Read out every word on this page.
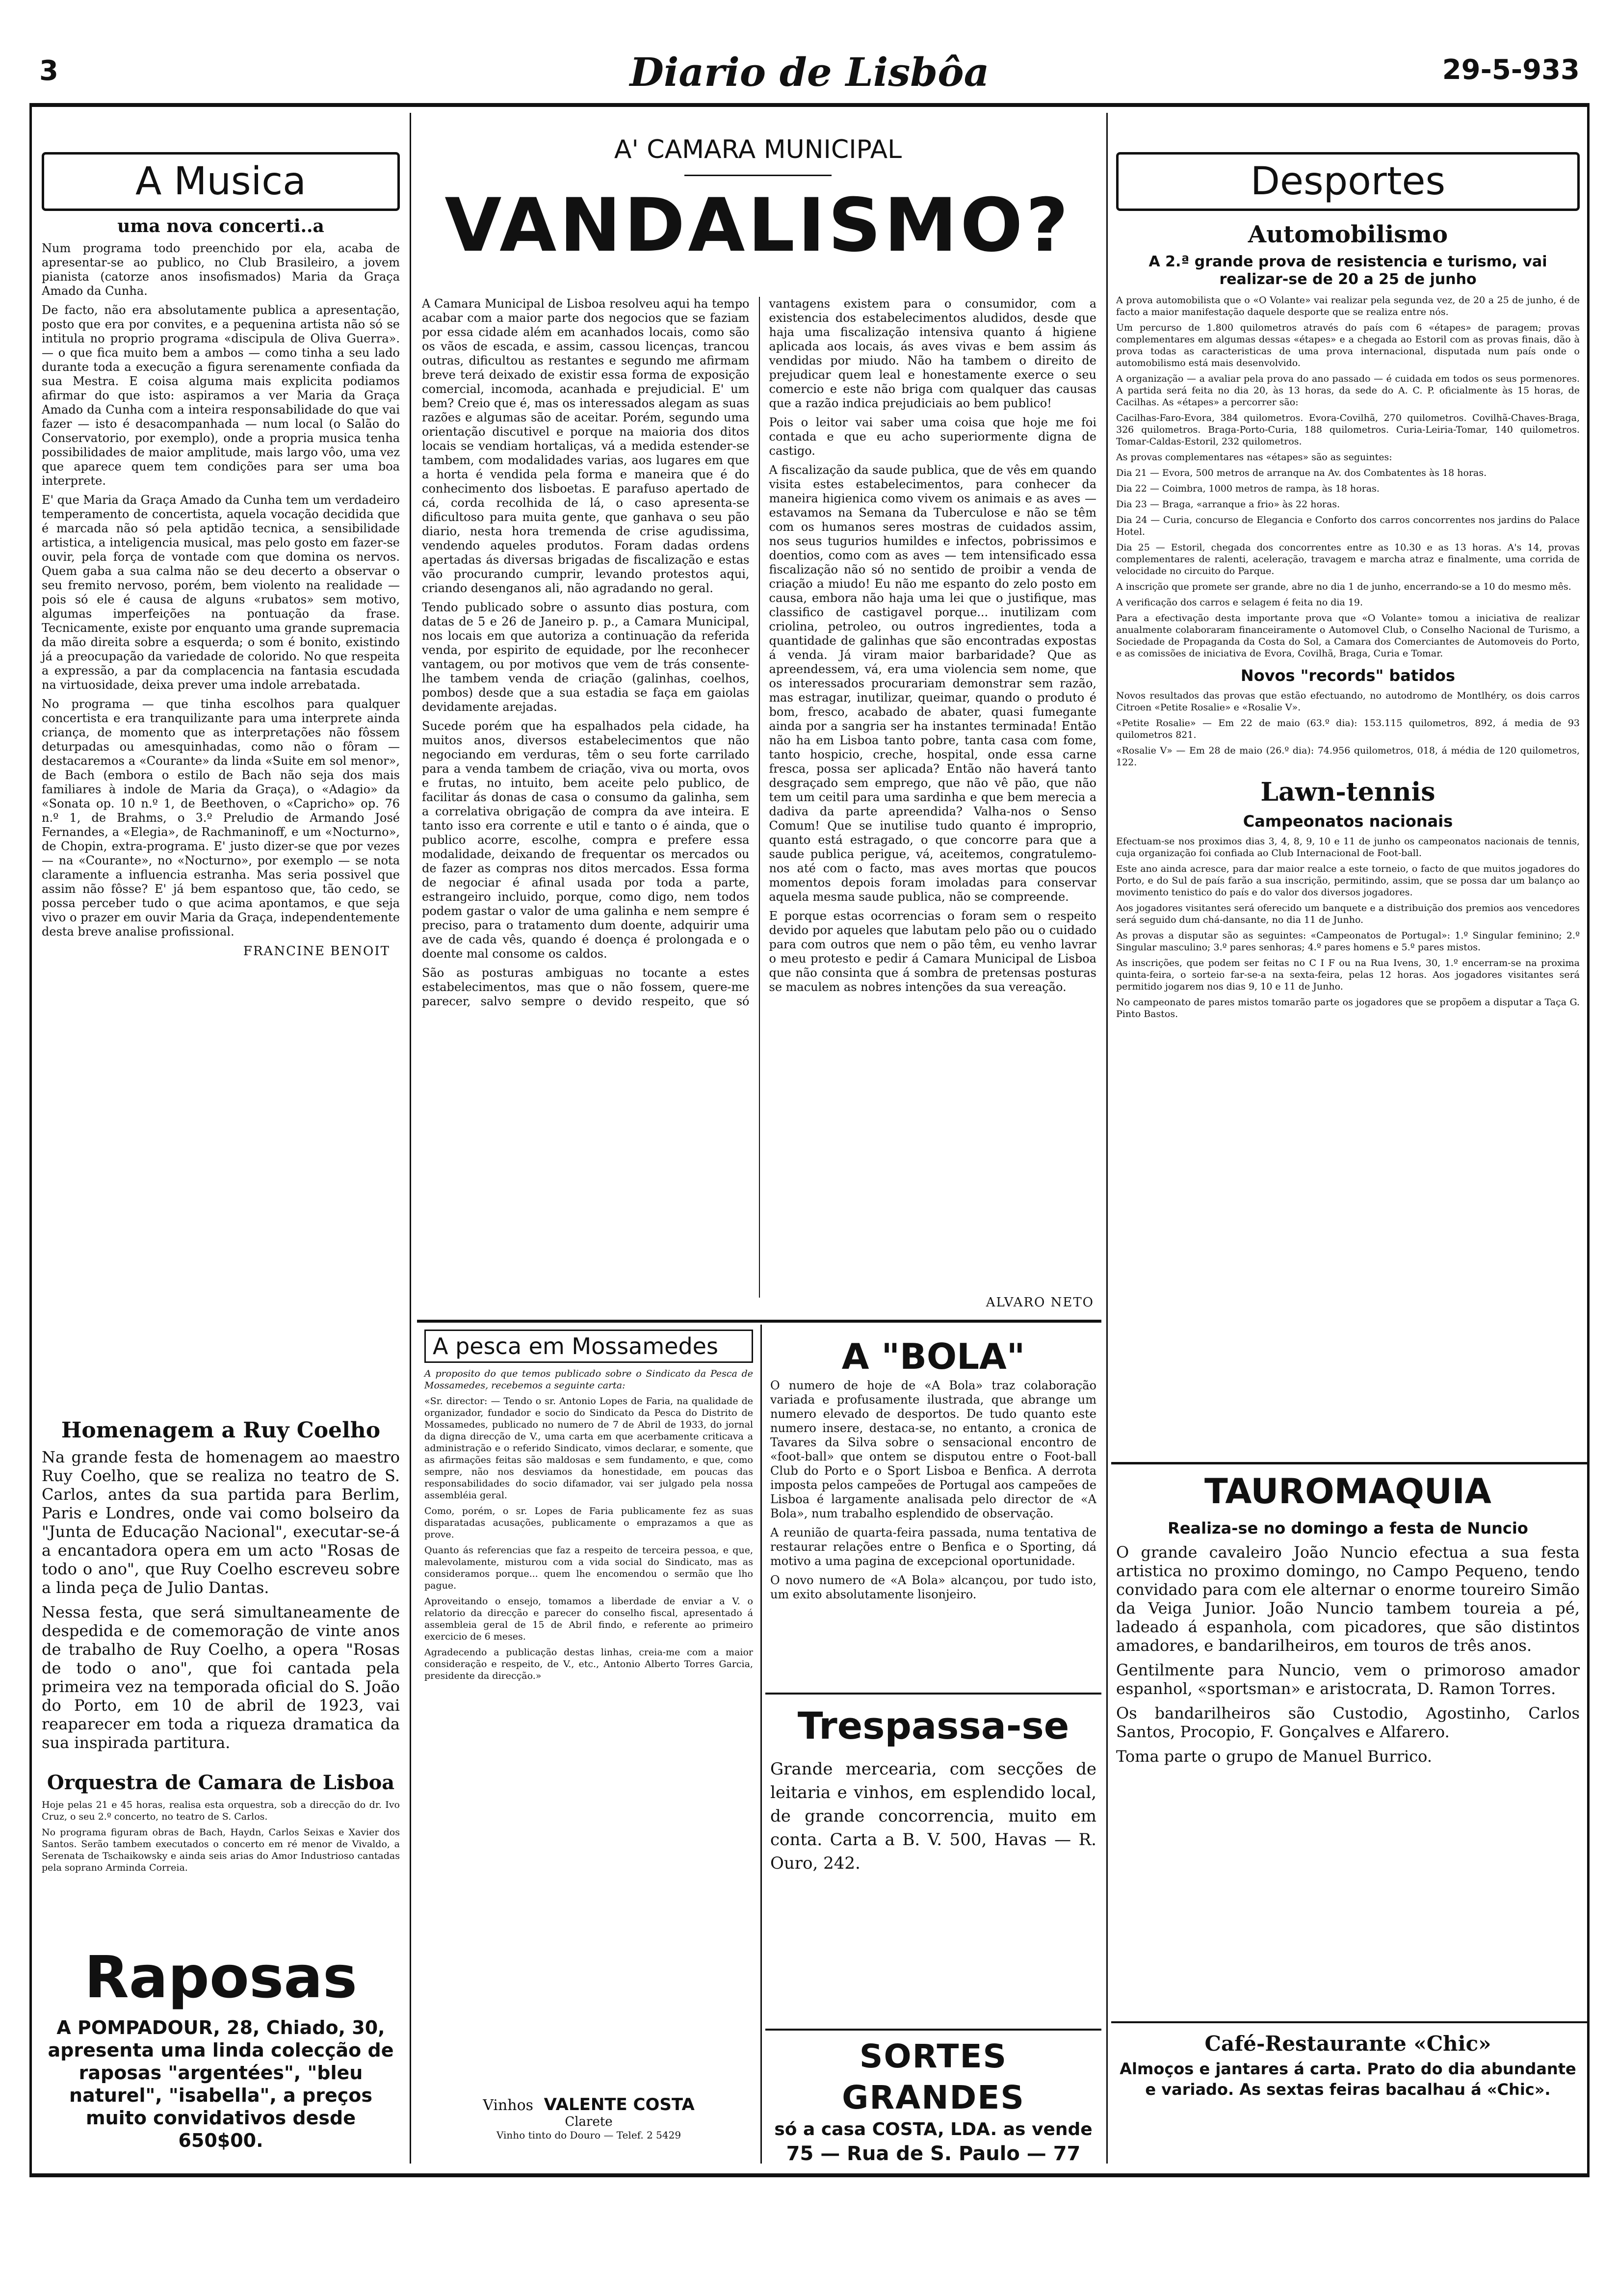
3	Diario de Lisbôa	29-5-933
A Musica
uma nova concerti..a

Num programa todo preenchido por ela, acaba de apresentar-se ao publico, no Club Brasileiro, a jovem pianista (catorze anos insofismados) Maria da Graça Amado da Cunha.

De facto, não era absolutamente publica a apresentação, posto que era por convites, e a pequenina artista não só se intitula no proprio programa «discipula de Oliva Guerra». — o que fica muito bem a ambos — como tinha a seu lado durante toda a execução a figura serenamente confiada da sua Mestra. E coisa alguma mais explicita podiamos afirmar do que isto: aspiramos a ver Maria da Graça Amado da Cunha com a inteira responsabilidade do que vai fazer — isto é desacompanhada — num local (o Salão do Conservatorio, por exemplo), onde a propria musica tenha possibilidades de maior amplitude, mais largo vôo, uma vez que aparece quem tem condições para ser uma boa interprete.

E' que Maria da Graça Amado da Cunha tem um verdadeiro temperamento de concertista, aquela vocação decidida que é marcada não só pela aptidão tecnica, a sensibilidade artistica, a inteligencia musical, mas pelo gosto em fazer-se ouvir, pela força de vontade com que domina os nervos. Quem gaba a sua calma não se deu decerto a observar o seu fremito nervoso, porém, bem violento na realidade — pois só ele é causa de alguns «rubatos» sem motivo, algumas imperfeições na pontuação da frase. Tecnicamente, existe por enquanto uma grande supremacia da mão direita sobre a esquerda; o som é bonito, existindo já a preocupação da variedade de colorido. No que respeita a expressão, a par da complacencia na fantasia escudada na virtuosidade, deixa prever uma indole arrebatada.

No programa — que tinha escolhos para qualquer concertista e era tranquilizante para uma interprete ainda criança, de momento que as interpretações não fôssem deturpadas ou amesquinhadas, como não o fôram — destacaremos a «Courante» da linda «Suite em sol menor», de Bach (embora o estilo de Bach não seja dos mais familiares à indole de Maria da Graça), o «Adagio» da «Sonata op. 10 n.º 1, de Beethoven, o «Capricho» op. 76 n.º 1, de Brahms, o 3.º Preludio de Armando José Fernandes, a «Elegia», de Rachmaninoff, e um «Nocturno», de Chopin, extra-programa. E' justo dizer-se que por vezes — na «Courante», no «Nocturno», por exemplo — se nota claramente a influencia estranha. Mas seria possivel que assim não fôsse? E' já bem espantoso que, tão cedo, se possa perceber tudo o que acima apontamos, e que seja vivo o prazer em ouvir Maria da Graça, independentemente desta breve analise profissional.

FRANCINE BENOIT
Homenagem a Ruy Coelho

Na grande festa de homenagem ao maestro Ruy Coelho, que se realiza no teatro de S. Carlos, antes da sua partida para Berlim, Paris e Londres, onde vai como bolseiro da "Junta de Educação Nacional", executar-se-á a encantadora opera em um acto "Rosas de todo o ano", que Ruy Coelho escreveu sobre a linda peça de Julio Dantas.

Nessa festa, que será simultaneamente de despedida e de comemoração de vinte anos de trabalho de Ruy Coelho, a opera "Rosas de todo o ano", que foi cantada pela primeira vez na temporada oficial do S. João do Porto, em 10 de abril de 1923, vai reaparecer em toda a riqueza dramatica da sua inspirada partitura.

Orquestra de Camara de Lisboa

Hoje pelas 21 e 45 horas, realisa esta orquestra, sob a direcção do dr. Ivo Cruz, o seu 2.º concerto, no teatro de S. Carlos.

No programa figuram obras de Bach, Haydn, Carlos Seixas e Xavier dos Santos. Serão tambem executados o concerto em ré menor de Vivaldo, a Serenata de Tschaikowsky e ainda seis arias do Amor Industrioso cantadas pela soprano Arminda Correia.

Raposas
A POMPADOUR, 28, Chiado, 30, apresenta uma linda colecção de raposas "argentées", "bleu naturel", "isabella", a preços muito convidativos desde 650$00.
A' CAMARA MUNICIPAL
VANDALISMO?

A Camara Municipal de Lisboa resolveu aqui ha tempo acabar com a maior parte dos negocios que se faziam por essa cidade além em acanhados locais, como são os vãos de escada, e assim, cassou licenças, trancou outras, dificultou as restantes e segundo me afirmam breve terá deixado de existir essa forma de exposição comercial, incomoda, acanhada e prejudicial. E' um bem? Creio que é, mas os interessados alegam as suas razões e algumas são de aceitar. Porém, segundo uma orientação discutivel e porque na maioria dos ditos locais se vendiam hortaliças, vá a medida estender-se tambem, com modalidades varias, aos lugares em que a horta é vendida pela forma e maneira que é do conhecimento dos lisboetas. E parafuso apertado de cá, corda recolhida de lá, o caso apresenta-se dificultoso para muita gente, que ganhava o seu pão diario, nesta hora tremenda de crise agudissima, vendendo aqueles produtos. Foram dadas ordens apertadas ás diversas brigadas de fiscalização e estas vão procurando cumprir, levando protestos aqui, criando desenganos ali, não agradando no geral.

Tendo publicado sobre o assunto dias postura, com datas de 5 e 26 de Janeiro p. p., a Camara Municipal, nos locais em que autoriza a continuação da referida venda, por espirito de equidade, por lhe reconhecer vantagem, ou por motivos que vem de trás consente-lhe tambem venda de criação (galinhas, coelhos, pombos) desde que a sua estadia se faça em gaiolas devidamente arejadas.

Sucede porém que ha espalhados pela cidade, ha muitos anos, diversos estabelecimentos que não negociando em verduras, têm o seu forte carrilado para a venda tambem de criação, viva ou morta, ovos e frutas, no intuito, bem aceite pelo publico, de facilitar ás donas de casa o consumo da galinha, sem a correlativa obrigação de compra da ave inteira. E tanto isso era corrente e util e tanto o é ainda, que o publico acorre, escolhe, compra e prefere essa modalidade, deixando de frequentar os mercados ou de fazer as compras nos ditos mercados. Essa forma de negociar é afinal usada por toda a parte, estrangeiro incluido, porque, como digo, nem todos podem gastar o valor de uma galinha e nem sempre é preciso, para o tratamento dum doente, adquirir uma ave de cada vês, quando é doença é prolongada e o doente mal consome os caldos.

São as posturas ambiguas no tocante a estes estabelecimentos, mas que o não fossem, quere-me parecer, salvo sempre o devido respeito, que só vantagens existem para o consumidor, com a existencia dos estabelecimentos aludidos, desde que haja uma fiscalização intensiva quanto á higiene aplicada aos locais, ás aves vivas e bem assim ás vendidas por miudo. Não ha tambem o direito de prejudicar quem leal e honestamente exerce o seu comercio e este não briga com qualquer das causas que a razão indica prejudiciais ao bem publico!

Pois o leitor vai saber uma coisa que hoje me foi contada e que eu acho superiormente digna de castigo.

A fiscalização da saude publica, que de vês em quando visita estes estabelecimentos, para conhecer da maneira higienica como vivem os animais e as aves — estavamos na Semana da Tuberculose e não se têm com os humanos seres mostras de cuidados assim, nos seus tugurios humildes e infectos, pobrissimos e doentios, como com as aves — tem intensificado essa fiscalização não só no sentido de proibir a venda de criação a miudo! Eu não me espanto do zelo posto em causa, embora não haja uma lei que o justifique, mas classifico de castigavel porque... inutilizam com criolina, petroleo, ou outros ingredientes, toda a quantidade de galinhas que são encontradas expostas á venda. Já viram maior barbaridade? Que as apreendessem, vá, era uma violencia sem nome, que os interessados procurariam demonstrar sem razão, mas estragar, inutilizar, queimar, quando o produto é bom, fresco, acabado de abater, quasi fumegante ainda por a sangria ser ha instantes terminada! Então não ha em Lisboa tanto pobre, tanta casa com fome, tanto hospicio, creche, hospital, onde essa carne fresca, possa ser aplicada? Então não haverá tanto desgraçado sem emprego, que não vê pão, que não tem um ceitil para uma sardinha e que bem merecia a dadiva da parte apreendida? Valha-nos o Senso Comum! Que se inutilise tudo quanto é improprio, quanto está estragado, o que concorre para que a saude publica perigue, vá, aceitemos, congratulemo-nos até com o facto, mas aves mortas que poucos momentos depois foram imoladas para conservar aquela mesma saude publica, não se compreende.

E porque estas ocorrencias o foram sem o respeito devido por aqueles que labutam pelo pão ou o cuidado para com outros que nem o pão têm, eu venho lavrar o meu protesto e pedir á Camara Municipal de Lisboa que não consinta que á sombra de pretensas posturas se maculem as nobres intenções da sua vereação.

ALVARO NETO
A pesca em Mossamedes

A proposito do que temos publicado sobre o Sindicato da Pesca de Mossamedes, recebemos a seguinte carta:

«Sr. director: — Tendo o sr. Antonio Lopes de Faria, na qualidade de organizador, fundador e socio do Sindicato da Pesca do Distrito de Mossamedes, publicado no numero de 7 de Abril de 1933, do jornal da digna direcção de V., uma carta em que acerbamente criticava a administração e o referido Sindicato, vimos declarar, e somente, que as afirmações feitas são maldosas e sem fundamento, e que, como sempre, não nos desviamos da honestidade, em poucas das responsabilidades do socio difamador, vai ser julgado pela nossa assembléia geral.

Como, porém, o sr. Lopes de Faria publicamente fez as suas disparatadas acusações, publicamente o emprazamos a que as prove.

Quanto ás referencias que faz a respeito de terceira pessoa, e que, malevolamente, misturou com a vida social do Sindicato, mas as consideramos porque... quem lhe encomendou o sermão que lho pague.

Aproveitando o ensejo, tomamos a liberdade de enviar a V. o relatorio da direcção e parecer do conselho fiscal, apresentado á assembleia geral de 15 de Abril findo, e referente ao primeiro exercicio de 6 meses.

Agradecendo a publicação destas linhas, creia-me com a maior consideração e respeito, de V., etc., Antonio Alberto Torres Garcia, presidente da direcção.»

Vinhos VALENTE COSTA
Clarete
Vinho tinto do Douro — Telef. 2 5429
A "BOLA"

O numero de hoje de «A Bola» traz colaboração variada e profusamente ilustrada, que abrange um numero elevado de desportos. De tudo quanto este numero insere, destaca-se, no entanto, a cronica de Tavares da Silva sobre o sensacional encontro de «foot-ball» que ontem se disputou entre o Foot-ball Club do Porto e o Sport Lisboa e Benfica. A derrota imposta pelos campeões de Portugal aos campeões de Lisboa é largamente analisada pelo director de «A Bola», num trabalho esplendido de observação.

A reunião de quarta-feira passada, numa tentativa de restaurar relações entre o Benfica e o Sporting, dá motivo a uma pagina de excepcional oportunidade.

O novo numero de «A Bola» alcançou, por tudo isto, um exito absolutamente lisonjeiro.

Trespassa-se

Grande mercearia, com secções de leitaria e vinhos, em esplendido local, de grande concorrencia, muito em conta. Carta a B. V. 500, Havas — R. Ouro, 242.

SORTES GRANDES
só a casa COSTA, LDA. as vende
75 — Rua de S. Paulo — 77
Desportes
Automobilismo
A 2.ª grande prova de resistencia e turismo, vai realizar-se de 20 a 25 de junho

A prova automobilista que o «O Volante» vai realizar pela segunda vez, de 20 a 25 de junho, é de facto a maior manifestação daquele desporte que se realiza entre nós.

Um percurso de 1.800 quilometros através do país com 6 «étapes» de paragem; provas complementares em algumas dessas «étapes» e a chegada ao Estoril com as provas finais, dão à prova todas as caracteristicas de uma prova internacional, disputada num país onde o automobilismo está mais desenvolvido.

A organização — a avaliar pela prova do ano passado — é cuidada em todos os seus pormenores. A partida será feita no dia 20, às 13 horas, da sede do A. C. P. oficialmente às 15 horas, de Cacilhas. As «étapes» a percorrer são:

Cacilhas-Faro-Evora, 384 quilometros. Evora-Covilhã, 270 quilometros. Covilhã-Chaves-Braga, 326 quilometros. Braga-Porto-Curia, 188 quilometros. Curia-Leiria-Tomar, 140 quilometros. Tomar-Caldas-Estoril, 232 quilometros.

As provas complementares nas «étapes» são as seguintes:

Dia 21 — Evora, 500 metros de arranque na Av. dos Combatentes às 18 horas.

Dia 22 — Coimbra, 1000 metros de rampa, às 18 horas.

Dia 23 — Braga, «arranque a frio» às 22 horas.

Dia 24 — Curia, concurso de Elegancia e Conforto dos carros concorrentes nos jardins do Palace Hotel.

Dia 25 — Estoril, chegada dos concorrentes entre as 10.30 e as 13 horas. A's 14, provas complementares de ralenti, aceleração, travagem e marcha atraz e finalmente, uma corrida de velocidade no circuito do Parque.

A inscrição que promete ser grande, abre no dia 1 de junho, encerrando-se a 10 do mesmo mês.

A verificação dos carros e selagem é feita no dia 19.

Para a efectivação desta importante prova que «O Volante» tomou a iniciativa de realizar anualmente colaboraram financeiramente o Automovel Club, o Conselho Nacional de Turismo, a Sociedade de Propaganda da Costa do Sol, a Camara dos Comerciantes de Automoveis do Porto, e as comissões de iniciativa de Evora, Covilhã, Braga, Curia e Tomar.

Novos "records" batidos

Novos resultados das provas que estão efectuando, no autodromo de Montlhéry, os dois carros Citroen «Petite Rosalie» e «Rosalie V».

«Petite Rosalie» — Em 22 de maio (63.º dia): 153.115 quilometros, 892, á media de 93 quilometros 821.

«Rosalie V» — Em 28 de maio (26.º dia): 74.956 quilometros, 018, á média de 120 quilometros, 122.

Lawn-tennis
Campeonatos nacionais

Efectuam-se nos proximos dias 3, 4, 8, 9, 10 e 11 de junho os campeonatos nacionais de tennis, cuja organização foi confiada ao Club Internacional de Foot-ball.

Este ano ainda acresce, para dar maior realce a este torneio, o facto de que muitos jogadores do Porto, e do Sul de país farão a sua inscrição, permitindo, assim, que se possa dar um balanço ao movimento tenistico do país e do valor dos diversos jogadores.

Aos jogadores visitantes será oferecido um banquete e a distribuição dos premios aos vencedores será seguido dum chá-dansante, no dia 11 de Junho.

As provas a disputar são as seguintes: «Campeonatos de Portugal»: 1.º Singular feminino; 2.º Singular masculino; 3.º pares senhoras; 4.º pares homens e 5.º pares mistos.

As inscrições, que podem ser feitas no C I F ou na Rua Ivens, 30, 1.º encerram-se na proxima quinta-feira, o sorteio far-se-a na sexta-feira, pelas 12 horas. Aos jogadores visitantes será permitido jogarem nos dias 9, 10 e 11 de Junho.

No campeonato de pares mistos tomarão parte os jogadores que se propõem a disputar a Taça G. Pinto Bastos.

TAUROMAQUIA
Realiza-se no domingo a festa de Nuncio

O grande cavaleiro João Nuncio efectua a sua festa artistica no proximo domingo, no Campo Pequeno, tendo convidado para com ele alternar o enorme toureiro Simão da Veiga Junior. João Nuncio tambem toureia a pé, ladeado á espanhola, com picadores, que são distintos amadores, e bandarilheiros, em touros de três anos.

Gentilmente para Nuncio, vem o primoroso amador espanhol, «sportsman» e aristocrata, D. Ramon Torres.

Os bandarilheiros são Custodio, Agostinho, Carlos Santos, Procopio, F. Gonçalves e Alfarero.

Toma parte o grupo de Manuel Burrico.

Café-Restaurante «Chic»
Almoços e jantares á carta. Prato do dia abundante e variado. As sextas feiras bacalhau á «Chic».
